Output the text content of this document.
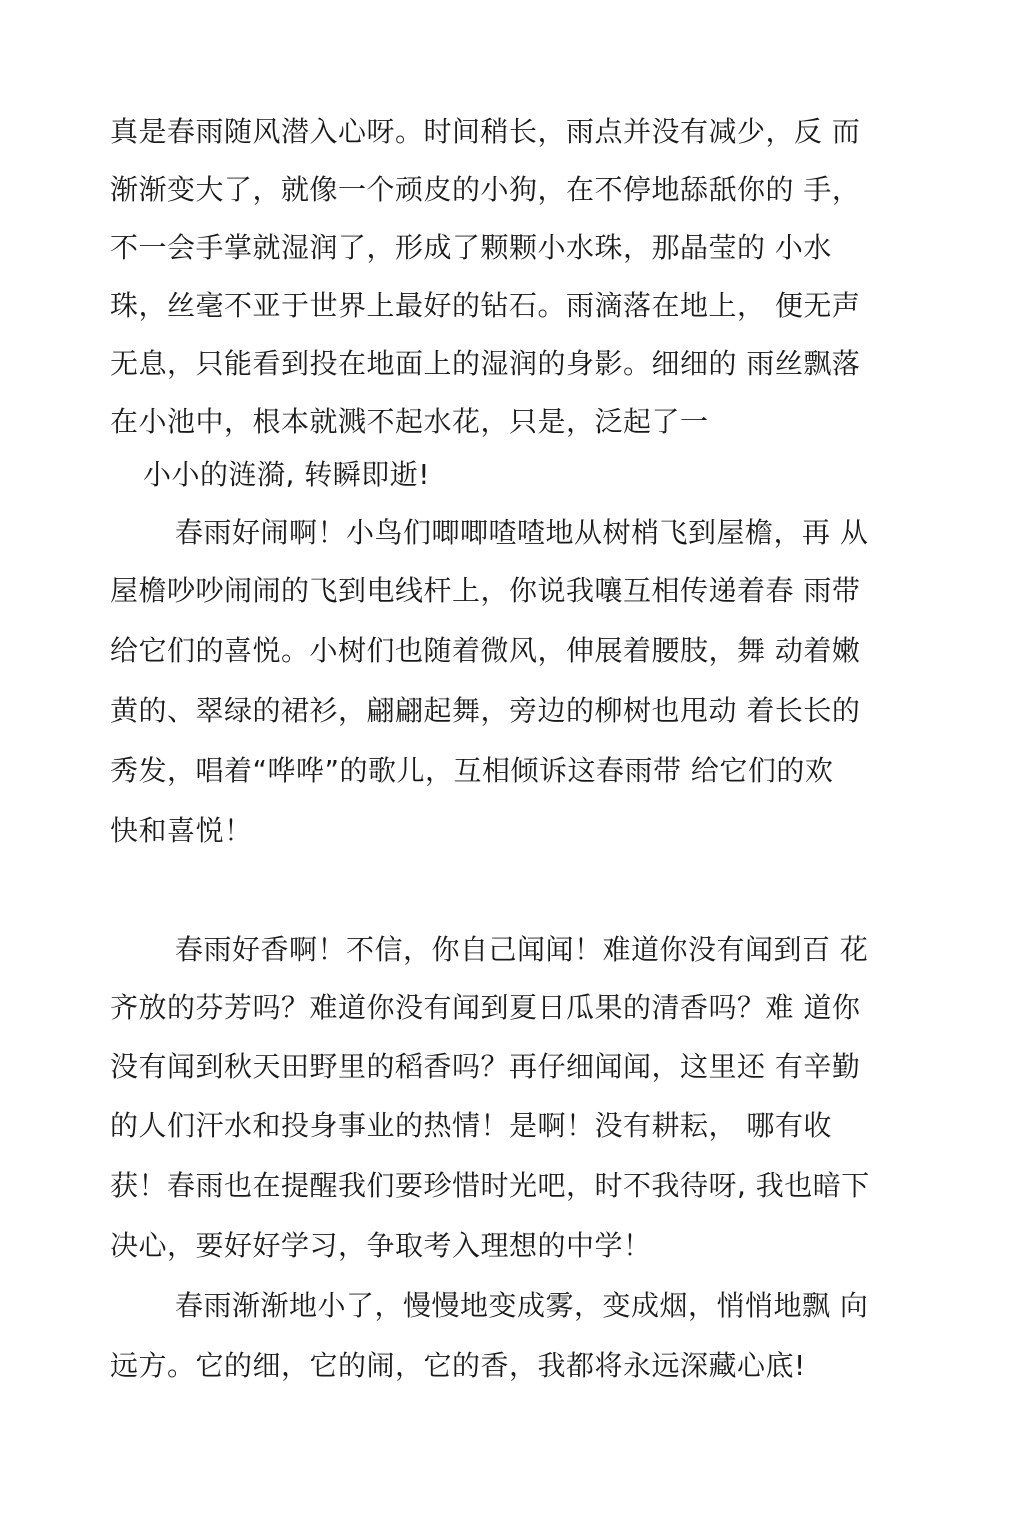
真是春雨随风潜入心呀。时间稍长，雨点并没有减少，反 而
渐渐变大了，就像一个顽皮的小狗，在不停地舔舐你的 手，
不一会手掌就湿润了，形成了颗颗小水珠，那晶莹的 小水
珠，丝毫不亚于世界上最好的钻石。雨滴落在地上， 便无声
无息，只能看到投在地面上的湿润的身影。细细的 雨丝飘落
在小池中，根本就溅不起水花，只是，泛起了一
小小的涟漪, 转瞬即逝!
春雨好闹啊！小鸟们唧唧喳喳地从树梢飞到屋檐，再 从
屋檐吵吵闹闹的飞到电线杆上，你说我嚷互相传递着春 雨带
给它们的喜悦。小树们也随着微风，伸展着腰肢，舞 动着嫩
黄的、翠绿的裙衫，翩翩起舞，旁边的柳树也甩动 着长长的
秀发，唱着“哗哗”的歌儿，互相倾诉这春雨带 给它们的欢
快和喜悦！
春雨好香啊！不信，你自己闻闻！难道你没有闻到百 花
齐放的芬芳吗？难道你没有闻到夏日瓜果的清香吗？难 道你
没有闻到秋天田野里的稻香吗？再仔细闻闻，这里还 有辛勤
的人们汗水和投身事业的热情！是啊！没有耕耘， 哪有收
获！春雨也在提醒我们要珍惜时光吧，时不我待呀, 我也暗下
决心，要好好学习，争取考入理想的中学！
春雨渐渐地小了，慢慢地变成雾，变成烟，悄悄地飘 向
远方。它的细，它的闹，它的香，我都将永远深藏心底!
